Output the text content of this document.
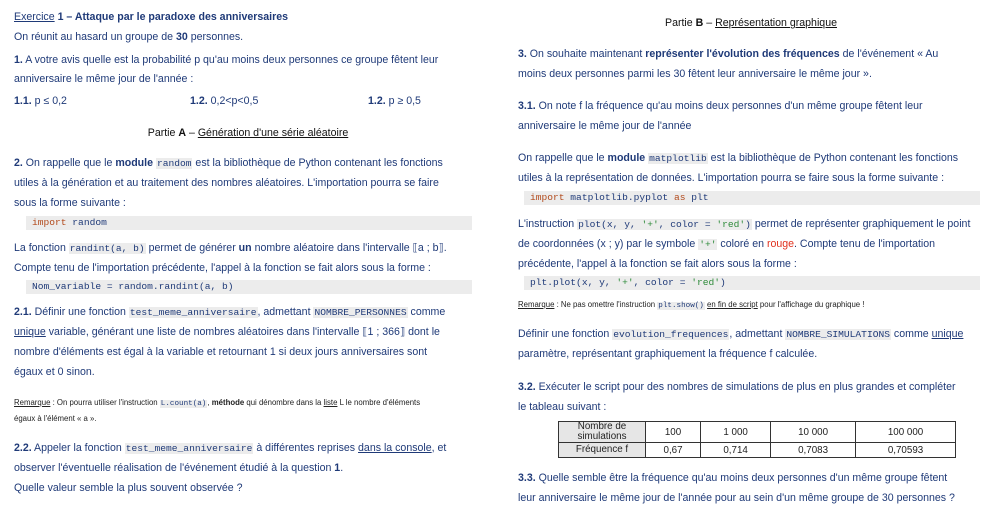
Exercice 1 – Attaque par le paradoxe des anniversaires
On réunit au hasard un groupe de 30 personnes.
1. A votre avis quelle est la probabilité p qu'au moins deux personnes ce groupe fêtent leur
anniversaire le même jour de l'année :
1.1. p ≤ 0,2	1.2. 0,2<p<0,5	1.2. p ≥ 0,5
Partie A – Génération d'une série aléatoire
2. On rappelle que le module random est la bibliothèque de Python contenant les fonctions
utiles à la génération et au traitement des nombres aléatoires. L'importation pourra se faire
sous la forme suivante :
import random
La fonction randint(a, b) permet de générer un nombre aléatoire dans l'intervalle ⟦a ; b⟧.
Compte tenu de l'importation précédente, l'appel à la fonction se fait alors sous la forme :
Nom_variable = random.randint(a, b)
2.1. Définir une fonction test_meme_anniversaire, admettant NOMBRE_PERSONNES comme
unique variable, générant une liste de nombres aléatoires dans l'intervalle ⟦1 ; 366⟧ dont le
nombre d'éléments est égal à la variable et retournant 1 si deux jours anniversaires sont
égaux et 0 sinon.
Remarque : On pourra utiliser l'instruction L.count(a), méthode qui dénombre dans la liste L le nombre d'éléments
égaux à l'élément « a ».
2.2. Appeler la fonction test_meme_anniversaire à différentes reprises dans la console, et
observer l'éventuelle réalisation de l'événement étudié à la question 1.
Quelle valeur semble la plus souvent observée ?
Partie B – Représentation graphique
3. On souhaite maintenant représenter l'évolution des fréquences de l'événement « Au
moins deux personnes parmi les 30 fêtent leur anniversaire le même jour ».
3.1. On note f la fréquence qu'au moins deux personnes d'un même groupe fêtent leur
anniversaire le même jour de l'année
On rappelle que le module matplotlib est la bibliothèque de Python contenant les fonctions
utiles à la représentation de données. L'importation pourra se faire sous la forme suivante :
import matplotlib.pyplot as plt
L'instruction plot(x, y, '+', color = 'red') permet de représenter graphiquement le point
de coordonnées (x ; y) par le symbole '+' coloré en rouge. Compte tenu de l'importation
précédente, l'appel à la fonction se fait alors sous la forme :
plt.plot(x, y, '+', color = 'red')
Remarque : Ne pas omettre l'instruction plt.show() en fin de script pour l'affichage du graphique !
Définir une fonction evolution_frequences, admettant NOMBRE_SIMULATIONS comme unique
paramètre, représentant graphiquement la fréquence f calculée.
3.2. Exécuter le script pour des nombres de simulations de plus en plus grandes et compléter
le tableau suivant :
Nombre de
simulations	100	1 000	10 000	100 000
Fréquence f	0,67	0,714	0,7083	0,70593
3.3. Quelle semble être la fréquence qu'au moins deux personnes d'un même groupe fêtent
leur anniversaire le même jour de l'année pour au sein d'un même groupe de 30 personnes ?
